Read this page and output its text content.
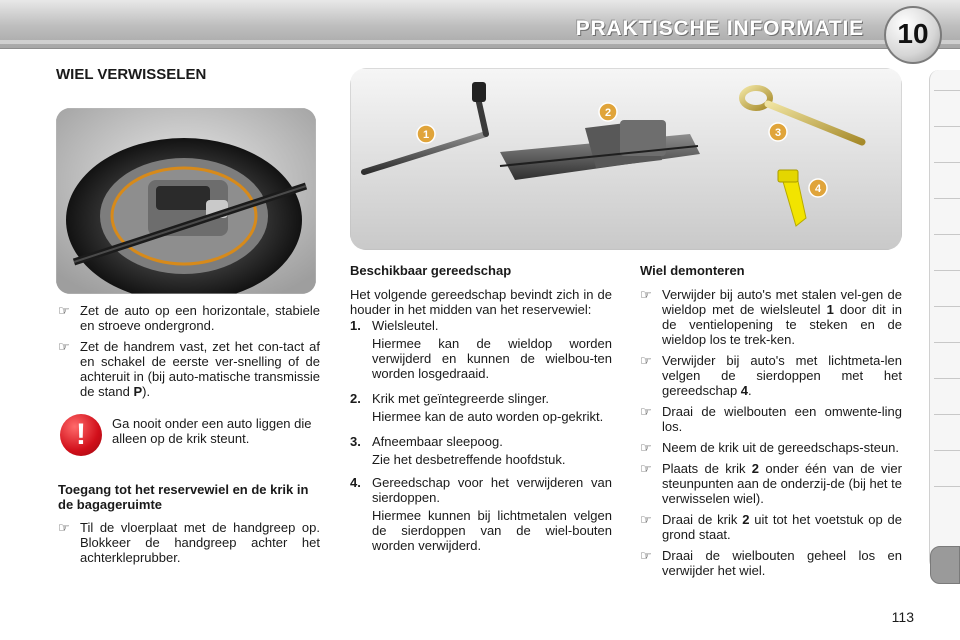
PRAKTISCHE INFORMATIE	10
WIEL VERWISSELEN
1
2
3
4
☞ Zet de auto op een horizontale, stabiele en stroeve ondergrond.
☞ Zet de handrem vast, zet het con-tact af en schakel de eerste ver-snelling of de achteruit in (bij auto-matische transmissie de stand P).
!	Ga nooit onder een auto liggen die alleen op de krik steunt.
Toegang tot het reservewiel en de krik in de bagageruimte
☞ Til de vloerplaat met de handgreep op. Blokkeer de handgreep achter het achterkleprubber.
Beschikbaar gereedschap
Het volgende gereedschap bevindt zich in de houder in het midden van het reservewiel:
1. Wielsleutel.
Hiermee kan de wieldop worden verwijderd en kunnen de wielbou-ten worden losgedraaid.
2. Krik met geïntegreerde slinger.
Hiermee kan de auto worden op-gekrikt.
3. Afneembaar sleepoog.
Zie het desbetreffende hoofdstuk.
4. Gereedschap voor het verwijderen van sierdoppen.
Hiermee kunnen bij lichtmetalen velgen de sierdoppen van de wiel-bouten worden verwijderd.
Wiel demonteren
☞ Verwijder bij auto's met stalen vel-gen de wieldop met de wielsleutel 1 door dit in de ventielopening te steken en de wieldop los te trek-ken.
☞ Verwijder bij auto's met lichtmeta-len velgen de sierdoppen met het gereedschap 4.
☞ Draai de wielbouten een omwente-ling los.
☞ Neem de krik uit de gereedschaps-steun.
☞ Plaats de krik 2 onder één van de vier steunpunten aan de onderzij-de (bij het te verwisselen wiel).
☞ Draai de krik 2 uit tot het voetstuk op de grond staat.
☞ Draai de wielbouten geheel los en verwijder het wiel.
113
